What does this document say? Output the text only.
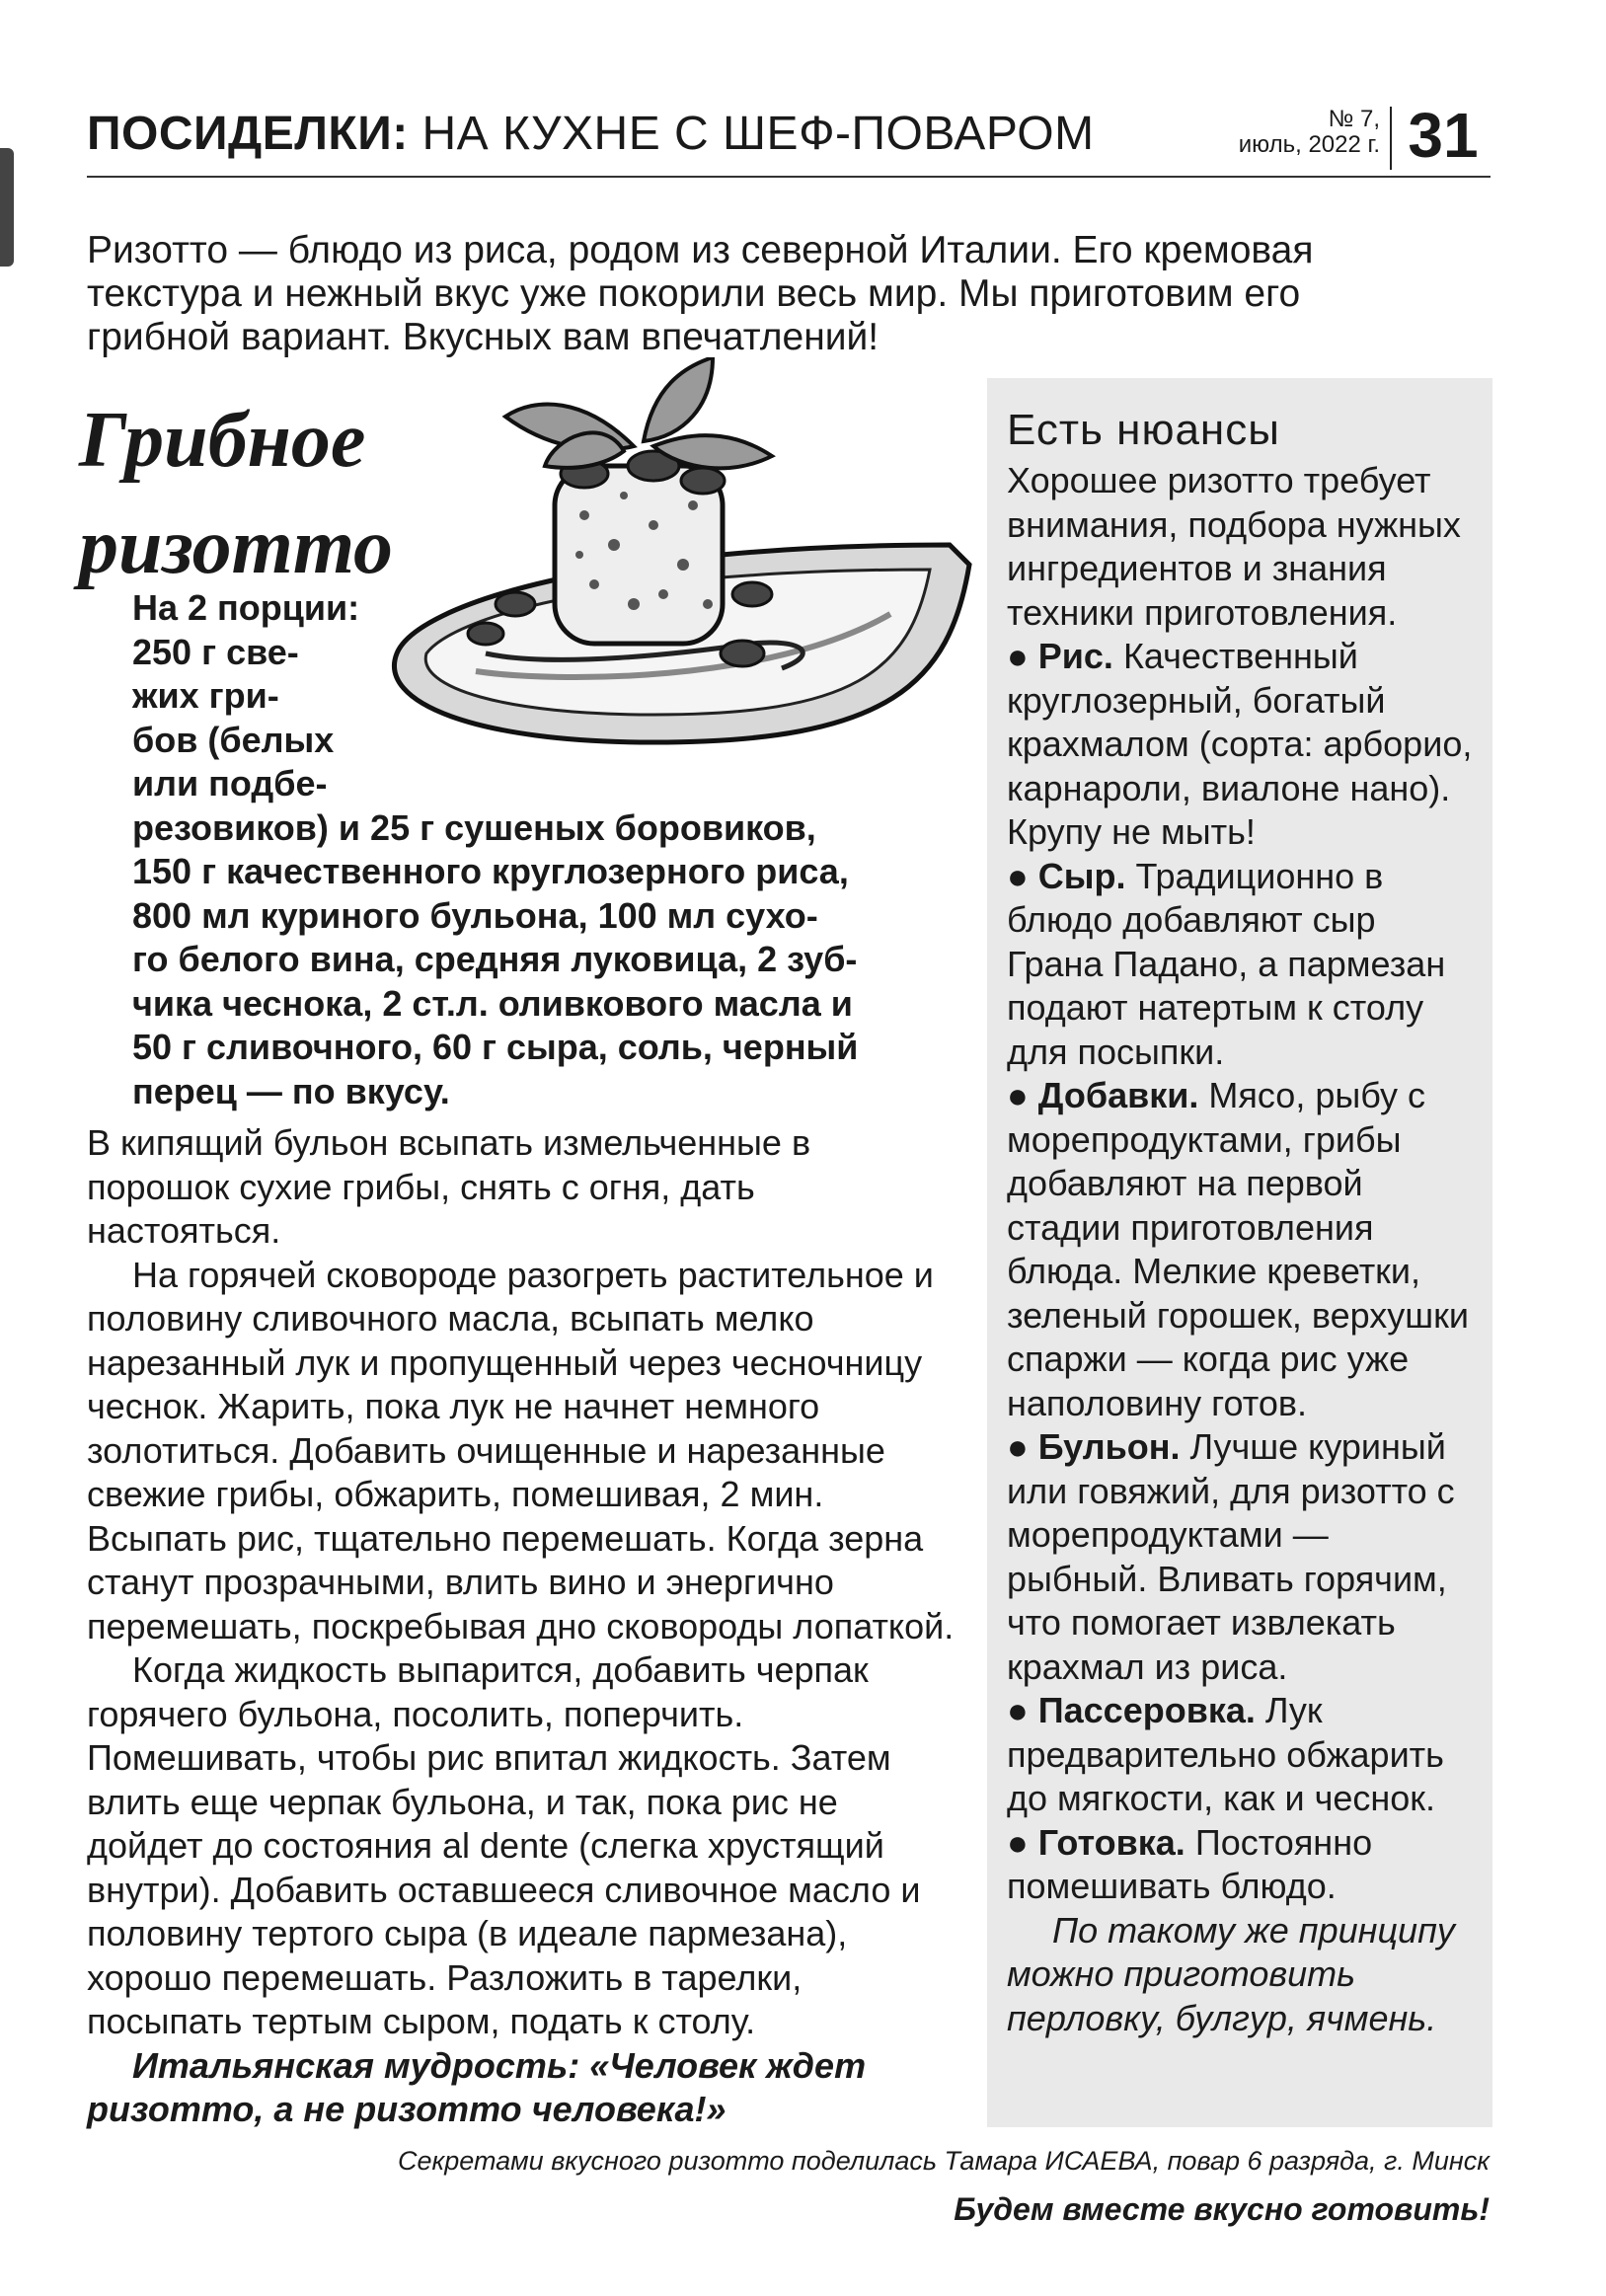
ПОСИДЕЛКИ: НА КУХНЕ С ШЕФ-ПОВАРОМ	№ 7,
июль, 2022 г. 31

Ризотто — блюдо из риса, родом из северной Италии. Его кремовая текстура и нежный вкус уже покорили весь мир. Мы приготовим его грибной вариант. Вкусных вам впечатлений!

Грибное
ризотто
На 2 порции:
250 г све-
жих гри-
бов (белых
или подбе-
резовиков) и 25 г сушеных боровиков,
150 г качественного круглозерного риса,
800 мл куриного бульона, 100 мл сухо-
го белого вина, средняя луковица, 2 зуб-
чика чеснока, 2 ст.л. оливкового масла и
50 г сливочного, 60 г сыра, соль, черный
перец — по вкусу.

В кипящий бульон всыпать измельченные в порошок сухие грибы, снять с огня, дать настояться.

На горячей сковороде разогреть растительное и половину сливочного масла, всыпать мелко нарезанный лук и пропущенный через чесночницу чеснок. Жарить, пока лук не начнет немного золотиться. Добавить очищенные и нарезанные свежие грибы, обжарить, помешивая, 2 мин. Всыпать рис, тщательно перемешать. Когда зерна станут прозрачными, влить вино и энергично перемешать, поскребывая дно сковороды лопаткой.

Когда жидкость выпарится, добавить черпак горячего бульона, посолить, поперчить. Помешивать, чтобы рис впитал жидкость. Затем влить еще черпак бульона, и так, пока рис не дойдет до состояния al dente (слегка хрустящий внутри). Добавить оставшееся сливочное масло и половину тертого сыра (в идеале пармезана), хорошо перемешать. Разложить в тарелки, посыпать тертым сыром, подать к столу.

Итальянская мудрость: «Человек ждет ризотто, а не ризотто человека!»

Есть нюансы

Хорошее ризотто требует внимания, подбора нужных ингредиентов и знания техники приготовления.

● Рис. Качественный круглозерный, богатый крахмалом (сорта: арборио, карнароли, виалоне нано). Крупу не мыть!

● Сыр. Традиционно в блюдо добавляют сыр Грана Падано, а пармезан подают натертым к столу для посыпки.

● Добавки. Мясо, рыбу с морепродуктами, грибы добавляют на первой стадии приготовления блюда. Мелкие креветки, зеленый горошек, верхушки спаржи — когда рис уже наполовину готов.

● Бульон. Лучше куриный или говяжий, для ризотто с морепродуктами — рыбный. Вливать горячим, что помогает извлекать крахмал из риса.

● Пассеровка. Лук предварительно обжарить до мягкости, как и чеснок.

● Готовка. Постоянно помешивать блюдо.

По такому же принципу можно приготовить перловку, булгур, ячмень.

Секретами вкусного ризотто поделилась Тамара ИСАЕВА, повар 6 разряда, г. Минск
Будем вместе вкусно готовить!
